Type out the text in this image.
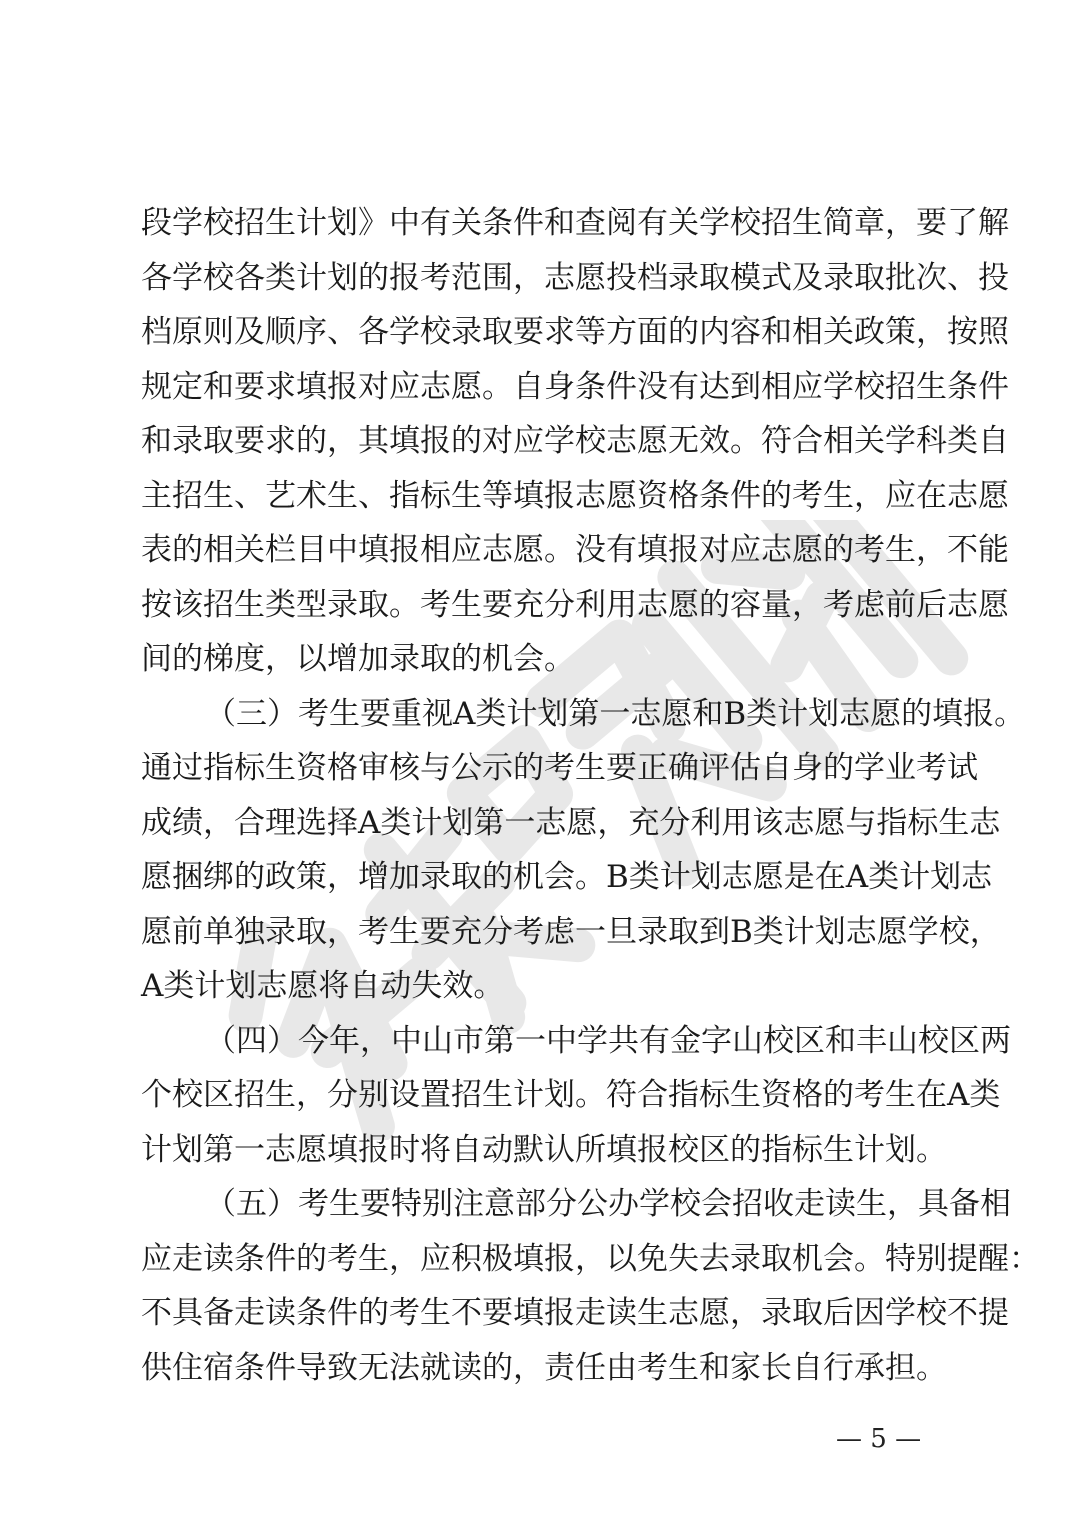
段学校招生计划》中有关条件和查阅有关学校招生简章，要了解
各学校各类计划的报考范围，志愿投档录取模式及录取批次、投
档原则及顺序、各学校录取要求等方面的内容和相关政策，按照
规定和要求填报对应志愿。自身条件没有达到相应学校招生条件
和录取要求的，其填报的对应学校志愿无效。符合相关学科类自
主招生、艺术生、指标生等填报志愿资格条件的考生，应在志愿
表的相关栏目中填报相应志愿。没有填报对应志愿的考生，不能
按该招生类型录取。考生要充分利用志愿的容量，考虑前后志愿
间的梯度，以增加录取的机会。
（三）考生要重视A类计划第一志愿和B类计划志愿的填报。
通过指标生资格审核与公示的考生要正确评估自身的学业考试
成绩，合理选择A类计划第一志愿，充分利用该志愿与指标生志
愿捆绑的政策，增加录取的机会。B类计划志愿是在A类计划志
愿前单独录取，考生要充分考虑一旦录取到B类计划志愿学校，
A类计划志愿将自动失效。
（四）今年，中山市第一中学共有金字山校区和丰山校区两
个校区招生，分别设置招生计划。符合指标生资格的考生在A类
计划第一志愿填报时将自动默认所填报校区的指标生计划。
（五）考生要特别注意部分公办学校会招收走读生，具备相
应走读条件的考生，应积极填报，以免失去录取机会。特别提醒：
不具备走读条件的考生不要填报走读生志愿，录取后因学校不提
供住宿条件导致无法就读的，责任由考生和家长自行承担。
— 5 —
